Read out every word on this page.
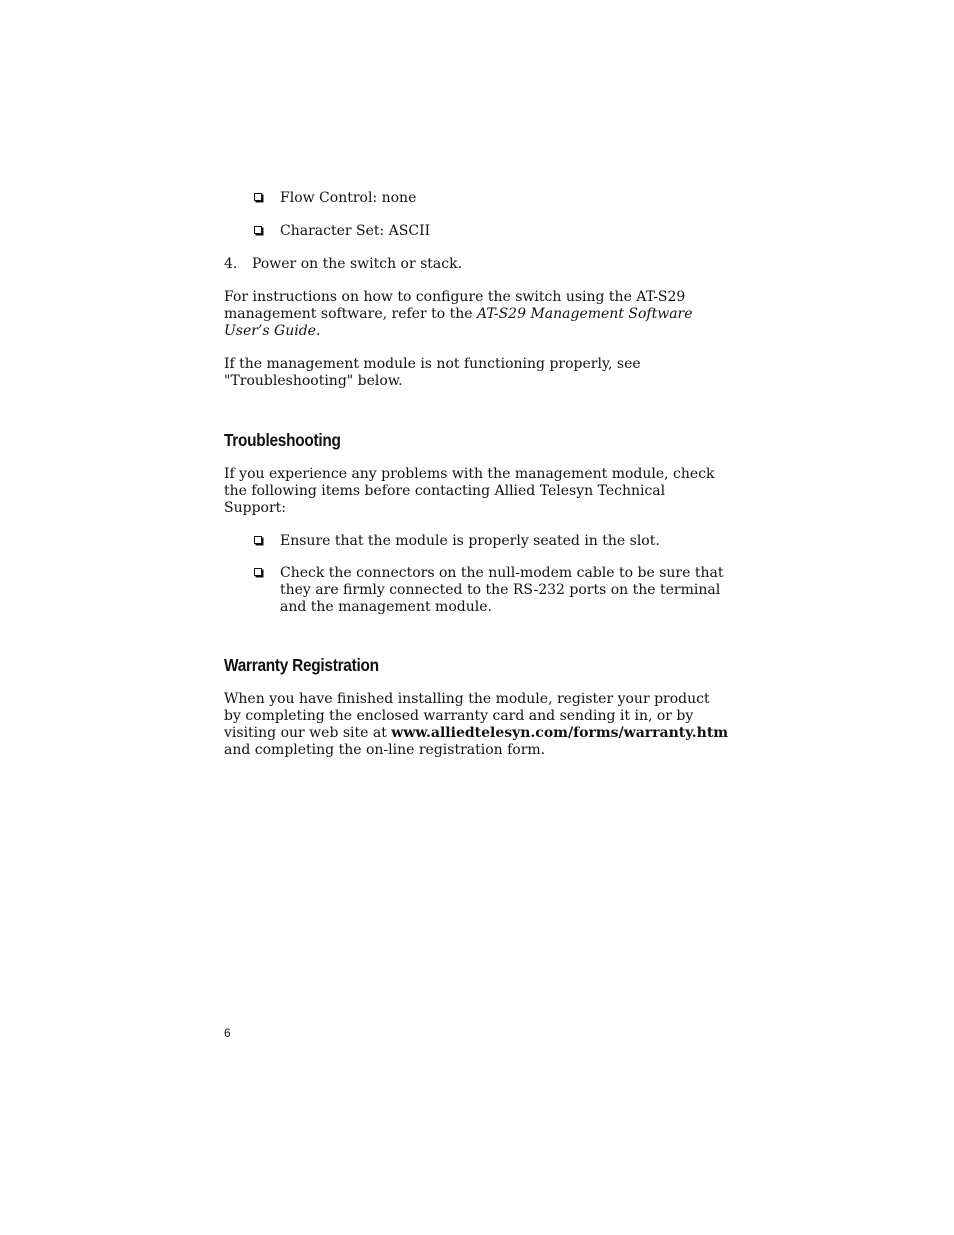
Flow Control: none
Character Set: ASCII
4. Power on the switch or stack.

For instructions on how to configure the switch using the AT-S29 management software, refer to the AT-S29 Management Software User’s Guide.

If the management module is not functioning properly, see "Troubleshooting" below.

Troubleshooting

If you experience any problems with the management module, check the following items before contacting Allied Telesyn Technical Support:

Ensure that the module is properly seated in the slot.
Check the connectors on the null-modem cable to be sure that they are firmly connected to the RS-232 ports on the terminal and the management module.
Warranty Registration

When you have finished installing the module, register your product by completing the enclosed warranty card and sending it in, or by visiting our web site at www.alliedtelesyn.com/forms/warranty.htm and completing the on-line registration form.

6
